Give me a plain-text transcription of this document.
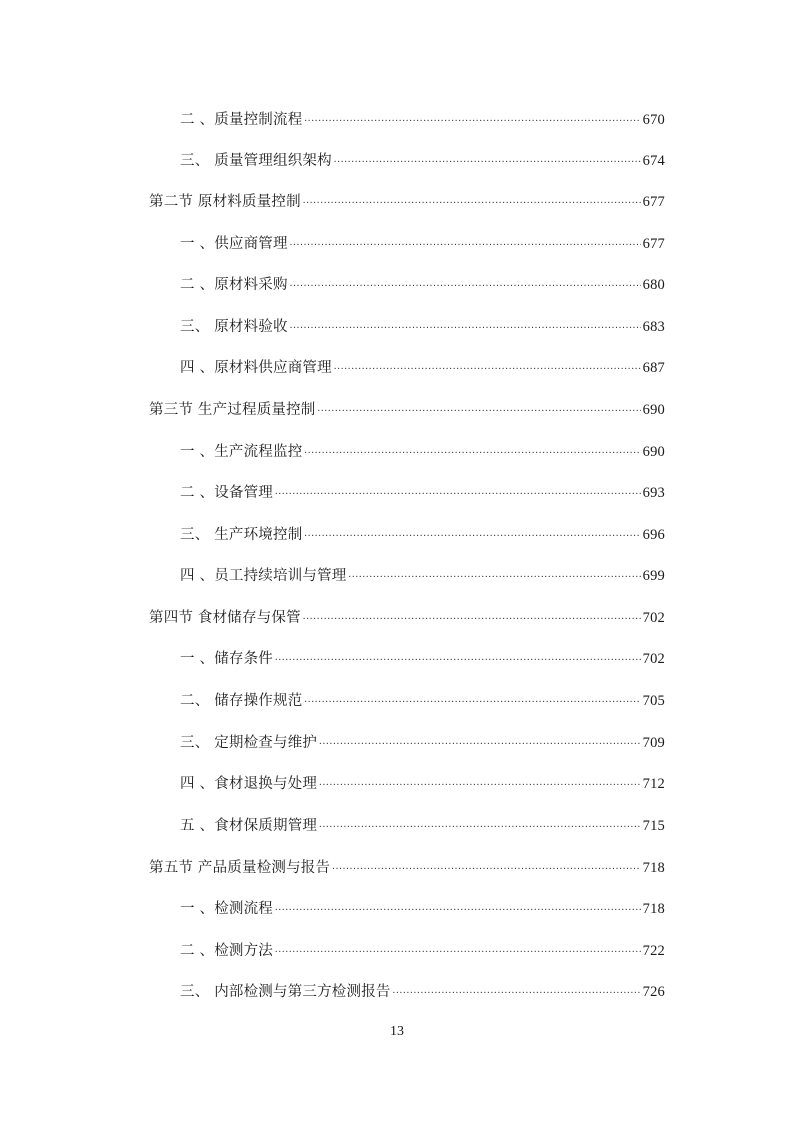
二 、质量控制流程 .....	670
三、 质量管理组织架构 .....	674
第二节 原材料质量控制 .....	677
一 、供应商管理 .....	677
二 、原材料采购 .....	680
三、 原材料验收 .....	683
四 、原材料供应商管理 .....	687
第三节 生产过程质量控制 .....	690
一 、生产流程监控 .....	690
二 、设备管理 .....	693
三、 生产环境控制 .....	696
四 、员工持续培训与管理 .....	699
第四节 食材储存与保管 .....	702
一 、储存条件 .....	702
二、 储存操作规范 .....	705
三、 定期检查与维护 .....	709
四 、食材退换与处理 .....	712
五 、食材保质期管理 .....	715
第五节 产品质量检测与报告 .....	718
一 、检测流程 .....	718
二 、检测方法 .....	722
三、 内部检测与第三方检测报告 .....	726
13
